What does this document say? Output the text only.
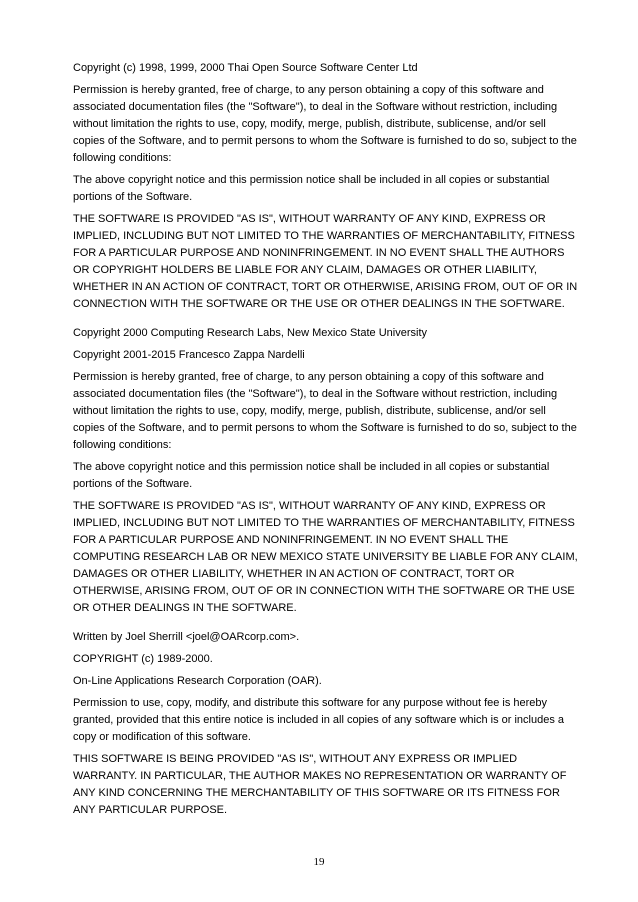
Copyright (c) 1998, 1999, 2000 Thai Open Source Software Center Ltd

Permission is hereby granted, free of charge, to any person obtaining a copy of this software and associated documentation files (the "Software"), to deal in the Software without restriction, including without limitation the rights to use, copy, modify, merge, publish, distribute, sublicense, and/or sell copies of the Software, and to permit persons to whom the Software is furnished to do so, subject to the following conditions:

The above copyright notice and this permission notice shall be included in all copies or substantial portions of the Software.

THE SOFTWARE IS PROVIDED "AS IS", WITHOUT WARRANTY OF ANY KIND, EXPRESS OR IMPLIED, INCLUDING BUT NOT LIMITED TO THE WARRANTIES OF MERCHANTABILITY, FITNESS FOR A PARTICULAR PURPOSE AND NONINFRINGEMENT. IN NO EVENT SHALL THE AUTHORS OR COPYRIGHT HOLDERS BE LIABLE FOR ANY CLAIM, DAMAGES OR OTHER LIABILITY, WHETHER IN AN ACTION OF CONTRACT, TORT OR OTHERWISE, ARISING FROM, OUT OF OR IN CONNECTION WITH THE SOFTWARE OR THE USE OR OTHER DEALINGS IN THE SOFTWARE.

Copyright 2000 Computing Research Labs, New Mexico State University

Copyright 2001-2015 Francesco Zappa Nardelli

Permission is hereby granted, free of charge, to any person obtaining a copy of this software and associated documentation files (the "Software"), to deal in the Software without restriction, including without limitation the rights to use, copy, modify, merge, publish, distribute, sublicense, and/or sell copies of the Software, and to permit persons to whom the Software is furnished to do so, subject to the following conditions:

The above copyright notice and this permission notice shall be included in all copies or substantial portions of the Software.

THE SOFTWARE IS PROVIDED "AS IS", WITHOUT WARRANTY OF ANY KIND, EXPRESS OR IMPLIED, INCLUDING BUT NOT LIMITED TO THE WARRANTIES OF MERCHANTABILITY, FITNESS FOR A PARTICULAR PURPOSE AND NONINFRINGEMENT. IN NO EVENT SHALL THE COMPUTING RESEARCH LAB OR NEW MEXICO STATE UNIVERSITY BE LIABLE FOR ANY CLAIM, DAMAGES OR OTHER LIABILITY, WHETHER IN AN ACTION OF CONTRACT, TORT OR OTHERWISE, ARISING FROM, OUT OF OR IN CONNECTION WITH THE SOFTWARE OR THE USE OR OTHER DEALINGS IN THE SOFTWARE.

Written by Joel Sherrill <joel@OARcorp.com>.

COPYRIGHT (c) 1989-2000.

On-Line Applications Research Corporation (OAR).

Permission to use, copy, modify, and distribute this software for any purpose without fee is hereby granted, provided that this entire notice is included in all copies of any software which is or includes a copy or modification of this software.

THIS SOFTWARE IS BEING PROVIDED "AS IS", WITHOUT ANY EXPRESS OR IMPLIED WARRANTY. IN PARTICULAR, THE AUTHOR MAKES NO REPRESENTATION OR WARRANTY OF ANY KIND CONCERNING THE MERCHANTABILITY OF THIS SOFTWARE OR ITS FITNESS FOR ANY PARTICULAR PURPOSE.

19
